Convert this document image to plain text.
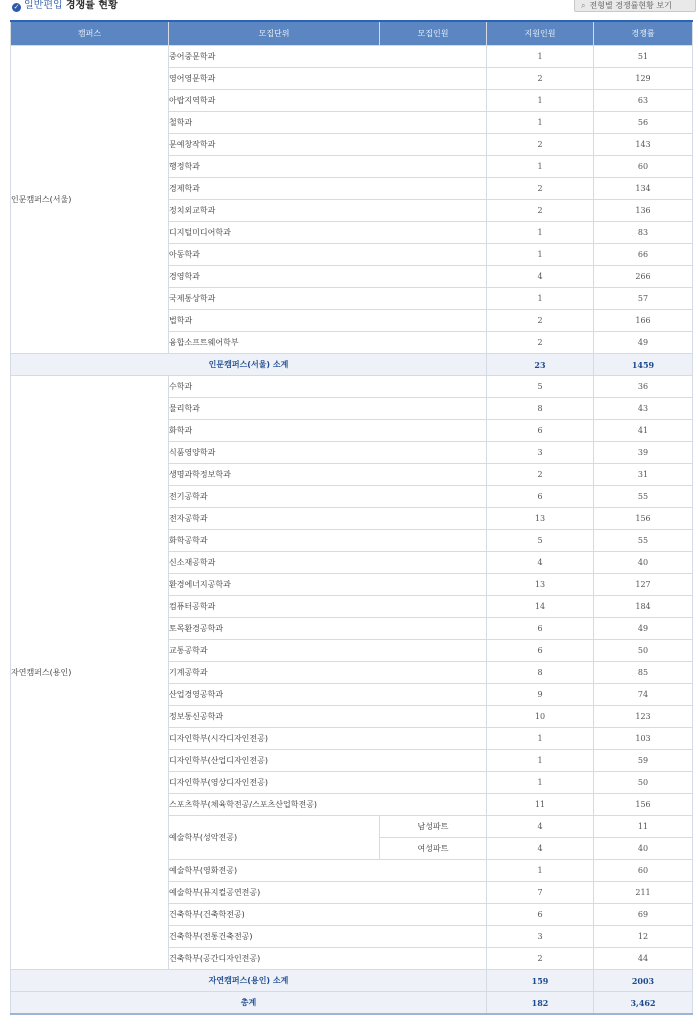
✓ 일반편입 경쟁률 현황	⌕ 전형별 경쟁률현황 보기
캠퍼스	모집단위	모집인원	지원인원	경쟁률	
인문캠퍼스(서울)	중어중문학과		1	51	
	영어영문학과		2	129	
	아랍지역학과		1	63	
	철학과		1	56	
	문예창작학과		2	143	
	행정학과		1	60	
	경제학과		2	134	
	정치외교학과		2	136	
	디지털미디어학과		1	83	
	아동학과		1	66	
	경영학과		4	266	
	국제통상학과		1	57	
	법학과		2	166	
	융합소프트웨어학부		2	49	
인문캠퍼스(서울) 소계			23	1459	
자연캠퍼스(용인)	수학과		5	36	
	물리학과		8	43	
	화학과		6	41	
	식품영양학과		3	39	
	생명과학정보학과		2	31	
	전기공학과		6	55	
	전자공학과		13	156	
	화학공학과		5	55	
	신소재공학과		4	40	
	환경에너지공학과		13	127	
	컴퓨터공학과		14	184	
	토목환경공학과		6	49	
	교통공학과		6	50	
	기계공학과		8	85	
	산업경영공학과		9	74	
	정보통신공학과		10	123	
	디자인학부(시각디자인전공)		1	103	
	디자인학부(산업디자인전공)		1	59	
	디자인학부(영상디자인전공)		1	50	
	스포츠학부(체육학전공/스포츠산업학전공)		11	156	
	예술학부(성악전공)	남성파트	4	11	
		여성파트	4	40	
	예술학부(영화전공)		1	60	
	예술학부(뮤지컬공연전공)		7	211	
	건축학부(건축학전공)		6	69	
	건축학부(전통건축전공)		3	12	
	건축학부(공간디자인전공)		2	44	
자연캠퍼스(용인) 소계			159	2003	
총계			182	3,462	
